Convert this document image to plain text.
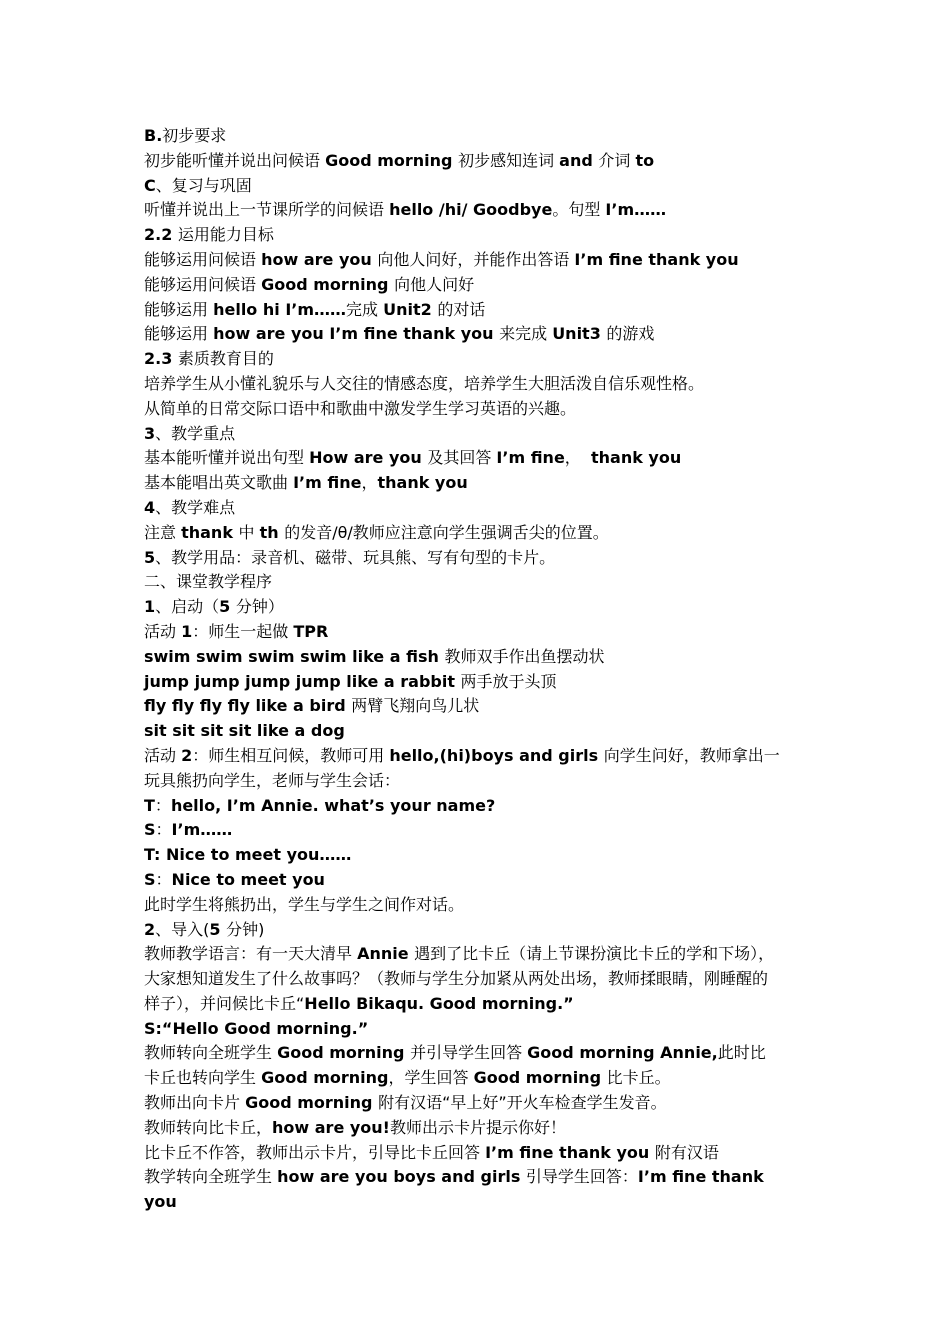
B.初步要求
初步能听懂并说出问候语 Good morning 初步感知连词 and 介词 to
C、复习与巩固
听懂并说出上一节课所学的问候语 hello /hi/ Goodbye。句型 I’m……
2.2 运用能力目标
能够运用问候语 how are you 向他人问好，并能作出答语 I’m fine thank you
能够运用问候语 Good morning 向他人问好
能够运用 hello hi I’m……完成 Unit2 的对话
能够运用 how are you I’m fine thank you 来完成 Unit3 的游戏
2.3 素质教育目的
培养学生从小懂礼貌乐与人交往的情感态度，培养学生大胆活泼自信乐观性格。
从简单的日常交际口语中和歌曲中激发学生学习英语的兴趣。
3、教学重点
基本能听懂并说出句型 How are you 及其回答 I’m fine，  thank you
基本能唱出英文歌曲 I’m fine，thank you
4、教学难点
注意 thank 中 th 的发音/θ/教师应注意向学生强调舌尖的位置。
5、教学用品：录音机、磁带、玩具熊、写有句型的卡片。
二、课堂教学程序
1、启动（5 分钟）
活动 1：师生一起做 TPR
swim swim swim swim like a fish 教师双手作出鱼摆动状
jump jump jump jump like a rabbit 两手放于头顶
fly fly fly fly like a bird 两臂飞翔向鸟儿状
sit sit sit sit like a dog
活动 2：师生相互问候，教师可用 hello,(hi)boys and girls 向学生问好，教师拿出一
玩具熊扔向学生，老师与学生会话：
T：hello, I’m Annie. what’s your name?
S：I’m……
T: Nice to meet you……
S：Nice to meet you
此时学生将熊扔出，学生与学生之间作对话。
2、导入(5 分钟)
教师教学语言：有一天大清早 Annie 遇到了比卡丘（请上节课扮演比卡丘的学和下场），
大家想知道发生了什么故事吗？（教师与学生分加紧从两处出场，教师揉眼睛，刚睡醒的
样子），并问候比卡丘“Hello Bikaqu. Good morning.”
S:“Hello Good morning.”
教师转向全班学生 Good morning 并引导学生回答 Good morning Annie,此时比
卡丘也转向学生 Good morning，学生回答 Good morning 比卡丘。
教师出向卡片 Good morning 附有汉语“早上好”开火车检查学生发音。
教师转向比卡丘，how are you!教师出示卡片提示你好！
比卡丘不作答，教师出示卡片，引导比卡丘回答 I’m fine thank you 附有汉语
教学转向全班学生 how are you boys and girls 引导学生回答：I’m fine thank
you
